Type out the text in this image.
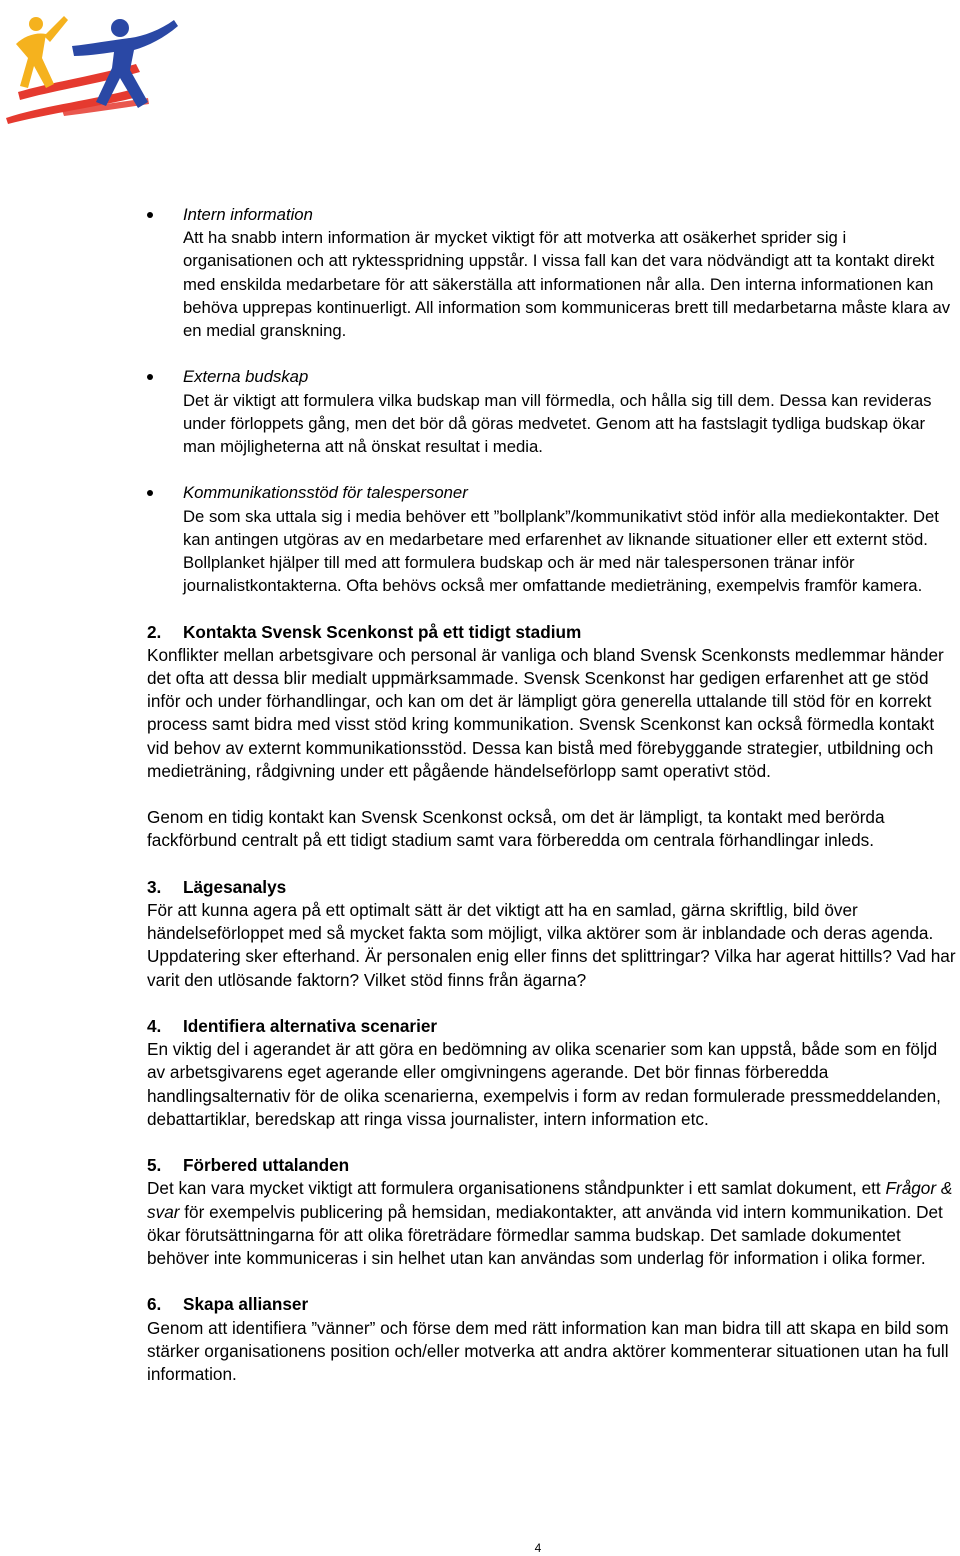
Intern information
Att ha snabb intern information är mycket viktigt för att motverka att osäkerhet sprider sig i organisationen och att ryktesspridning uppstår. I vissa fall kan det vara nödvändigt att ta kontakt direkt med enskilda medarbetare för att säkerställa att informationen når alla. Den interna informationen kan behöva upprepas kontinuerligt. All information som kommuniceras brett till medarbetarna måste klara av en medial granskning.
Externa budskap
Det är viktigt att formulera vilka budskap man vill förmedla, och hålla sig till dem. Dessa kan revideras under förloppets gång, men det bör då göras medvetet. Genom att ha fastslagit tydliga budskap ökar man möjligheterna att nå önskat resultat i media.
Kommunikationsstöd för talespersoner
De som ska uttala sig i media behöver ett ”bollplank”/kommunikativt stöd inför alla mediekontakter. Det kan antingen utgöras av en medarbetare med erfarenhet av liknande situationer eller ett externt stöd. Bollplanket hjälper till med att formulera budskap och är med när talespersonen tränar inför journalistkontakterna. Ofta behövs också mer omfattande medieträning, exempelvis framför kamera.
2. Kontakta Svensk Scenkonst på ett tidigt stadium
Konflikter mellan arbetsgivare och personal är vanliga och bland Svensk Scenkonsts medlemmar händer det ofta att dessa blir medialt uppmärksammade. Svensk Scenkonst har gedigen erfarenhet att ge stöd inför och under förhandlingar, och kan om det är lämpligt göra generella uttalande till stöd för en korrekt process samt bidra med visst stöd kring kommunikation. Svensk Scenkonst kan också förmedla kontakt vid behov av externt kommunikationsstöd. Dessa kan bistå med förebyggande strategier, utbildning och medieträning, rådgivning under ett pågående händelseförlopp samt operativt stöd.
Genom en tidig kontakt kan Svensk Scenkonst också, om det är lämpligt, ta kontakt med berörda fackförbund centralt på ett tidigt stadium samt vara förberedda om centrala förhandlingar inleds.
3. Lägesanalys
För att kunna agera på ett optimalt sätt är det viktigt att ha en samlad, gärna skriftlig, bild över händelseförloppet med så mycket fakta som möjligt, vilka aktörer som är inblandade och deras agenda. Uppdatering sker efterhand. Är personalen enig eller finns det splittringar? Vilka har agerat hittills? Vad har varit den utlösande faktorn? Vilket stöd finns från ägarna?
4. Identifiera alternativa scenarier
En viktig del i agerandet är att göra en bedömning av olika scenarier som kan uppstå, både som en följd av arbetsgivarens eget agerande eller omgivningens agerande. Det bör finnas förberedda handlingsalternativ för de olika scenarierna, exempelvis i form av redan formulerade pressmeddelanden, debattartiklar, beredskap att ringa vissa journalister, intern information etc.
5. Förbered uttalanden
Det kan vara mycket viktigt att formulera organisationens ståndpunkter i ett samlat dokument, ett Frågor & svar för exempelvis publicering på hemsidan, mediakontakter, att använda vid intern kommunikation. Det ökar förutsättningarna för att olika företrädare förmedlar samma budskap. Det samlade dokumentet behöver inte kommuniceras i sin helhet utan kan användas som underlag för information i olika former.
6. Skapa allianser
Genom att identifiera ”vänner” och förse dem med rätt information kan man bidra till att skapa en bild som stärker organisationens position och/eller motverka att andra aktörer kommenterar situationen utan ha full information.
4
